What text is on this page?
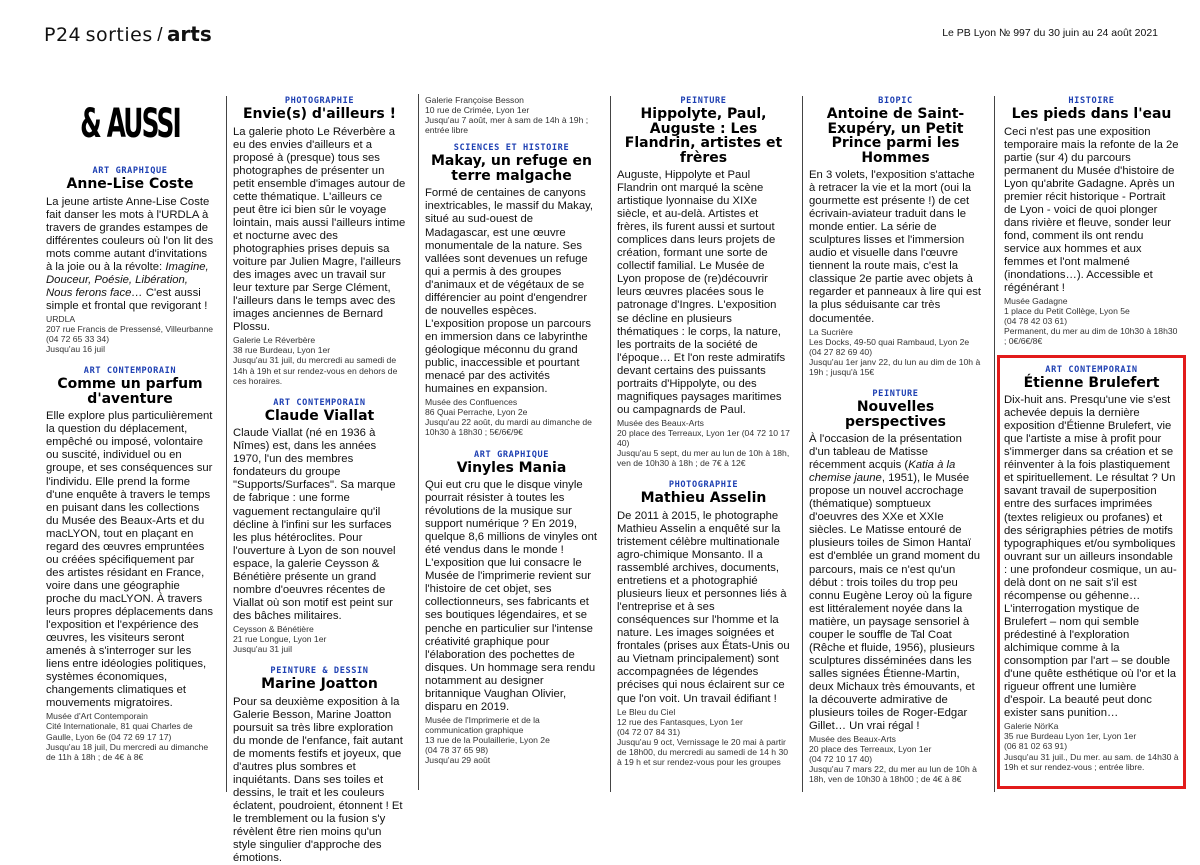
P24 sorties / arts	Le PB Lyon № 997 du 30 juin au 24 août 2021
& AUSSI
ART GRAPHIQUE
Anne-Lise Coste

La jeune artiste Anne-Lise Coste fait danser les mots à l'URDLA à travers de grandes estampes de différentes couleurs où l'on lit des mots comme autant d'invitations à la joie ou à la révolte: Imagine, Douceur, Poésie, Libération, Nous ferons face… C'est aussi simple et frontal que revigorant !

URDLA
207 rue Francis de Pressensé, Villeurbanne (04 72 65 33 34)
Jusqu'au 16 juil
ART CONTEMPORAIN
Comme un parfum d'aventure

Elle explore plus particulièrement la question du déplacement, empêché ou imposé, volontaire ou suscité, individuel ou en groupe, et ses conséquences sur l'individu. Elle prend la forme d'une enquête à travers le temps en puisant dans les collections du Musée des Beaux-Arts et du macLYON, tout en plaçant en regard des œuvres empruntées ou créées spécifiquement par des artistes résidant en France, voire dans une géographie proche du macLYON. À travers leurs propres déplacements dans l'exposition et l'expérience des œuvres, les visiteurs seront amenés à s'interroger sur les liens entre idéologies politiques, systèmes économiques, changements climatiques et mouvements migratoires.

Musée d'Art Contemporain
Cité Internationale, 81 quai Charles de Gaulle, Lyon 6e (04 72 69 17 17)
Jusqu'au 18 juil, Du mercredi au dimanche de 11h à 18h ; de 4€ à 8€
PHOTOGRAPHIE
Envie(s) d'ailleurs !

La galerie photo Le Réverbère a eu des envies d'ailleurs et a proposé à (presque) tous ses photographes de présenter un petit ensemble d'images autour de cette thématique. L'ailleurs ce peut être ici bien sûr le voyage lointain, mais aussi l'ailleurs intime et nocturne avec des photographies prises depuis sa voiture par Julien Magre, l'ailleurs des images avec un travail sur leur texture par Serge Clément, l'ailleurs dans le temps avec des images anciennes de Bernard Plossu.

Galerie Le Réverbère
38 rue Burdeau, Lyon 1er
Jusqu'au 31 juil, du mercredi au samedi de 14h à 19h et sur rendez-vous en dehors de ces horaires.
ART CONTEMPORAIN
Claude Viallat

Claude Viallat (né en 1936 à Nîmes) est, dans les années 1970, l'un des membres fondateurs du groupe "Supports/Surfaces". Sa marque de fabrique : une forme vaguement rectangulaire qu'il décline à l'infini sur les surfaces les plus hétéroclites. Pour l'ouverture à Lyon de son nouvel espace, la galerie Ceysson & Bénétière présente un grand nombre d'oeuvres récentes de Viallat où son motif est peint sur des bâches militaires.

Ceysson & Bénétière
21 rue Longue, Lyon 1er
Jusqu'au 31 juil
PEINTURE & DESSIN
Marine Joatton

Pour sa deuxième exposition à la Galerie Besson, Marine Joatton poursuit sa très libre exploration du monde de l'enfance, fait autant de moments festifs et joyeux, que d'autres plus sombres et inquiétants. Dans ses toiles et dessins, le trait et les couleurs éclatent, poudroient, étonnent ! Et le tremblement ou la fusion s'y révèlent être rien moins qu'un style singulier d'approche des émotions.

Galerie Françoise Besson
10 rue de Crimée, Lyon 1er
Jusqu'au 7 août, mer à sam de 14h à 19h ; entrée libre
SCIENCES ET HISTOIRE
Makay, un refuge en terre malgache

Formé de centaines de canyons inextricables, le massif du Makay, situé au sud-ouest de Madagascar, est une œuvre monumentale de la nature. Ses vallées sont devenues un refuge qui a permis à des groupes d'animaux et de végétaux de se différencier au point d'engendrer de nouvelles espèces. L'exposition propose un parcours en immersion dans ce labyrinthe géologique méconnu du grand public, inaccessible et pourtant menacé par des activités humaines en expansion.

Musée des Confluences
86 Quai Perrache, Lyon 2e
Jusqu'au 22 août, du mardi au dimanche de 10h30 à 18h30 ; 5€/6€/9€
ART GRAPHIQUE
Vinyles Mania

Qui eut cru que le disque vinyle pourrait résister à toutes les révolutions de la musique sur support numérique ? En 2019, quelque 8,6 millions de vinyles ont été vendus dans le monde ! L'exposition que lui consacre le Musée de l'imprimerie revient sur l'histoire de cet objet, ses collectionneurs, ses fabricants et ses boutiques légendaires, et se penche en particulier sur l'intense créativité graphique pour l'élaboration des pochettes de disques. Un hommage sera rendu notamment au designer britannique Vaughan Olivier, disparu en 2019.

Musée de l'Imprimerie et de la communication graphique
13 rue de la Poulaillerie, Lyon 2e
(04 78 37 65 98)
Jusqu'au 29 août
PEINTURE
Hippolyte, Paul, Auguste : Les Flandrin, artistes et frères

Auguste, Hippolyte et Paul Flandrin ont marqué la scène artistique lyonnaise du XIXe siècle, et au-delà. Artistes et frères, ils furent aussi et surtout complices dans leurs projets de création, formant une sorte de collectif familial. Le Musée de Lyon propose de (re)découvrir leurs œuvres placées sous le patronage d'Ingres. L'exposition se décline en plusieurs thématiques : le corps, la nature, les portraits de la société de l'époque… Et l'on reste admiratifs devant certains des puissants portraits d'Hippolyte, ou des magnifiques paysages maritimes ou campagnards de Paul.

Musée des Beaux-Arts
20 place des Terreaux, Lyon 1er (04 72 10 17 40)
Jusqu'au 5 sept, du mer au lun de 10h à 18h, ven de 10h30 à 18h ; de 7€ à 12€
PHOTOGRAPHIE
Mathieu Asselin

De 2011 à 2015, le photographe Mathieu Asselin a enquêté sur la tristement célèbre multinationale agro-chimique Monsanto. Il a rassemblé archives, documents, entretiens et a photographié plusieurs lieux et personnes liés à l'entreprise et à ses conséquences sur l'homme et la nature. Les images soignées et frontales (prises aux États-Unis ou au Vietnam principalement) sont accompagnées de légendes précises qui nous éclairent sur ce que l'on voit. Un travail édifiant !

Le Bleu du Ciel
12 rue des Fantasques, Lyon 1er
(04 72 07 84 31)
Jusqu'au 9 oct, Vernissage le 20 mai à partir de 18h00, du mercredi au samedi de 14 h 30 à 19 h et sur rendez-vous pour les groupes
BIOPIC
Antoine de Saint-Exupéry, un Petit Prince parmi les Hommes

En 3 volets, l'exposition s'attache à retracer la vie et la mort (oui la gourmette est présente !) de cet écrivain-aviateur traduit dans le monde entier. La série de sculptures lisses et l'immersion audio et visuelle dans l'œuvre tiennent la route mais, c'est la classique 2e partie avec objets à regarder et panneaux à lire qui est la plus séduisante car très documentée.

La Sucrière
Les Docks, 49-50 quai Rambaud, Lyon 2e (04 27 82 69 40)
Jusqu'au 1er janv 22, du lun au dim de 10h à 19h ; jusqu'à 15€
PEINTURE
Nouvelles perspectives

À l'occasion de la présentation d'un tableau de Matisse récemment acquis (Katia à la chemise jaune, 1951), le Musée propose un nouvel accrochage (thématique) somptueux d'oeuvres des XXe et XXIe siècles. Le Matisse entouré de plusieurs toiles de Simon Hantaï est d'emblée un grand moment du parcours, mais ce n'est qu'un début : trois toiles du trop peu connu Eugène Leroy où la figure est littéralement noyée dans la matière, un paysage sensoriel à couper le souffle de Tal Coat (Rêche et fluide, 1956), plusieurs sculptures disséminées dans les salles signées Étienne-Martin, deux Michaux très émouvants, et la découverte admirative de plusieurs toiles de Roger-Edgar Gillet… Un vrai régal !

Musée des Beaux-Arts
20 place des Terreaux, Lyon 1er
(04 72 10 17 40)
Jusqu'au 7 mars 22, du mer au lun de 10h à 18h, ven de 10h30 à 18h00 ; de 4€ à 8€
HISTOIRE
Les pieds dans l'eau

Ceci n'est pas une exposition temporaire mais la refonte de la 2e partie (sur 4) du parcours permanent du Musée d'histoire de Lyon qu'abrite Gadagne. Après un premier récit historique - Portrait de Lyon - voici de quoi plonger dans rivière et fleuve, sonder leur fond, comment ils ont rendu service aux hommes et aux femmes et l'ont malmené (inondations…). Accessible et régénérant !

Musée Gadagne
1 place du Petit Collège, Lyon 5e
(04 78 42 03 61)
Permanent, du mer au dim de 10h30 à 18h30 ; 0€/6€/8€
ART CONTEMPORAIN
Étienne Brulefert

Dix-huit ans. Presqu'une vie s'est achevée depuis la dernière exposition d'Étienne Brulefert, vie que l'artiste a mise à profit pour s'immerger dans sa création et se réinventer à la fois plastiquement et spirituellement. Le résultat ? Un savant travail de superposition entre des surfaces imprimées (textes religieux ou profanes) et des sérigraphies pétries de motifs typographiques et/ou symboliques ouvrant sur un ailleurs insondable : une profondeur cosmique, un au-delà dont on ne sait s'il est récompense ou géhenne… L'interrogation mystique de Brulefert – nom qui semble prédestiné à l'exploration alchimique comme à la consomption par l'art – se double d'une quête esthétique où l'or et la rigueur offrent une lumière d'espoir. La beauté peut donc exister sans punition…

Galerie NörKa
35 rue Burdeau Lyon 1er, Lyon 1er
(06 81 02 63 91)
Jusqu'au 31 juil., Du mer. au sam. de 14h30 à 19h et sur rendez-vous ; entrée libre.
